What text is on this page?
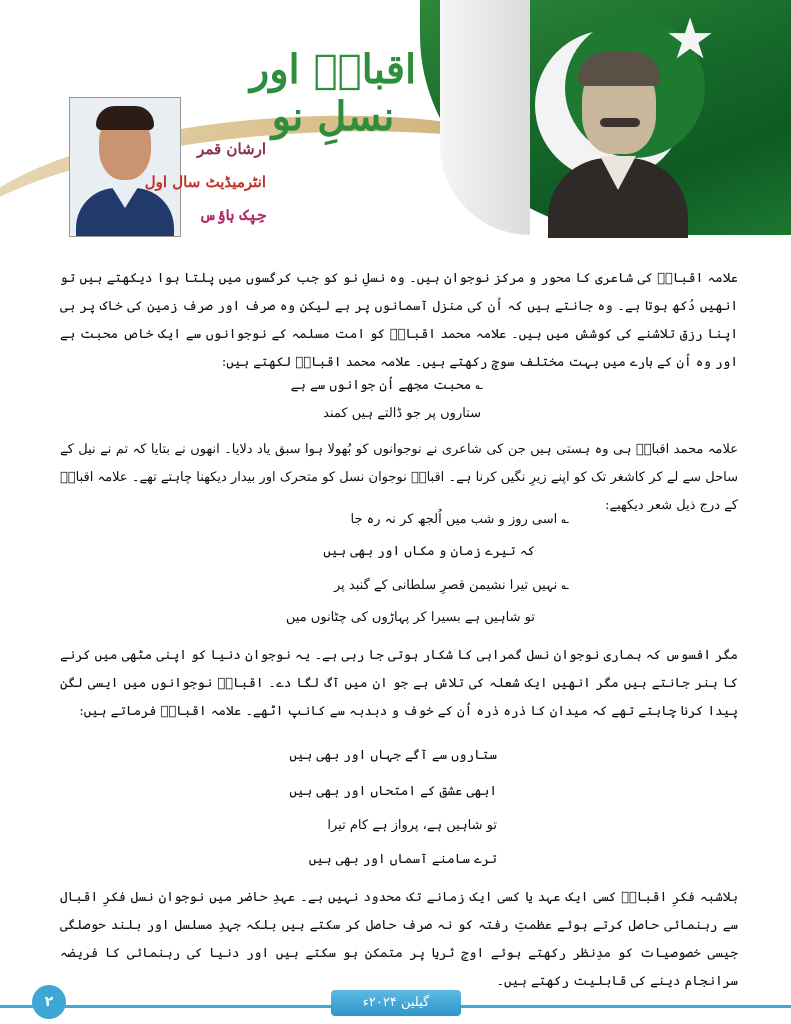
★
اقبالؒ اور نسلِ نو
ارشان قمر
انٹرمیڈیٹ سال اول
جِپک ہاؤس
علامہ اقبالؒ کی شاعری کا محور و مرکز نوجوان ہیں۔ وہ نسلِ نو کو جب کرگسوں میں پلتا ہوا دیکھتے ہیں تو انھیں دُکھ ہوتا ہے۔ وہ جانتے ہیں کہ اُن کی منزل آسمانوں پر ہے لیکن وہ صرف اور صرف زمین کی خاک پر ہی اپنا رزق تلاشنے کی کوشش میں ہیں۔ علامہ محمد اقبالؒ کو امت مسلمہ کے نوجوانوں سے ایک خاص محبت ہے اور وہ اُن کے بارے میں بہت مختلف سوچ رکھتے ہیں۔ علامہ محمد اقبالؒ لکھتے ہیں:
؎ محبت مجھے اُن جوانوں سے ہے
ستاروں پر جو ڈالتے ہیں کمند
علامہ محمد اقبالؒ ہی وہ ہستی ہیں جن کی شاعری نے نوجوانوں کو بُھولا ہوا سبق یاد دلایا۔ انھوں نے بتایا کہ تم نے نیل کے ساحل سے لے کر کاشغر تک کو اپنے زیرِ نگیں کرنا ہے۔ اقبالؒ نوجوان نسل کو متحرک اور بیدار دیکھنا چاہتے تھے۔ علامہ اقبالؒ کے درج ذیل شعر دیکھیے:
؎ اسی روز و شب میں اُلجھ کر نہ رہ جا
کہ تیرے زمان و مکاں اور بھی ہیں
؎ نہیں تیرا نشیمن قصرِ سلطانی کے گنبد پر
تو شاہیں ہے بسیرا کر پہاڑوں کی چٹانوں میں
مگر افسوس کہ ہماری نوجوان نسل گمراہی کا شکار ہوتی جا رہی ہے۔ یہ نوجوان دنیا کو اپنی مٹھی میں کرنے کا ہنر جانتے ہیں مگر انھیں ایک شعلہ کی تلاش ہے جو ان میں آگ لگا دے۔ اقبالؒ نوجوانوں میں ایسی لگن پیدا کرنا چاہتے تھے کہ میدان کا ذرہ ذرہ اُن کے خوف و دبدبہ سے کانپ اٹھے۔ علامہ اقبالؒ فرماتے ہیں:
ستاروں سے آگے جہاں اور بھی ہیں
ابھی عشق کے امتحاں اور بھی ہیں
تو شاہیں ہے، پرواز ہے کام تیرا
ترے سامنے آسماں اور بھی ہیں
بلاشبہ فکرِ اقبالؒ کسی ایک عہد یا کسی ایک زمانے تک محدود نہیں ہے۔ عہدِ حاضر میں نوجوان نسل فکرِ اقبال سے رہنمائی حاصل کرتے ہوئے عظمتِ رفتہ کو نہ صرف حاصل کر سکتے ہیں بلکہ جہدِ مسلسل اور بلند حوصلگی جیسی خصوصیات کو مدِنظر رکھتے ہوئے اوجِ ثریا پر متمکن ہو سکتے ہیں اور دنیا کی رہنمائی کا فریضہ سرانجام دینے کی قابلیت رکھتے ہیں۔
۲	گیلین ۲۰۲۴ء
